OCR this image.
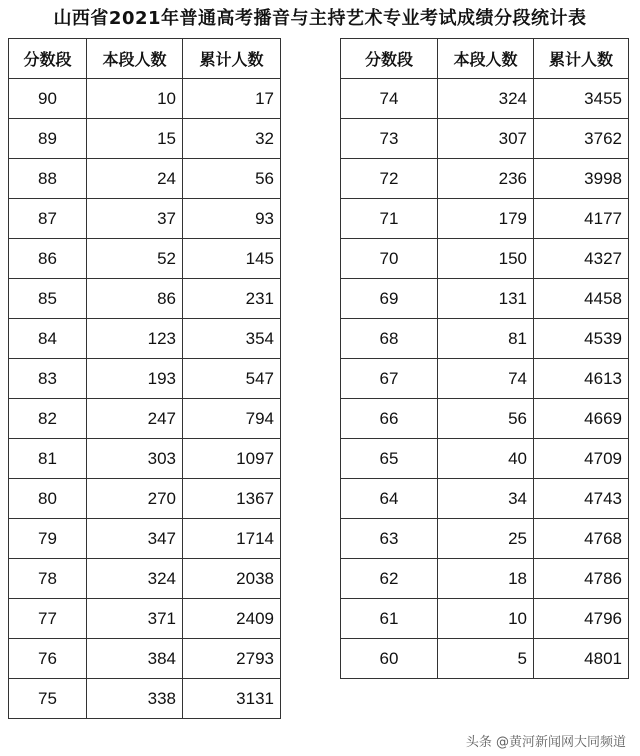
山西省2021年普通高考播音与主持艺术专业考试成绩分段统计表
分数段	本段人数	累计人数
90	10	17
89	15	32
88	24	56
87	37	93
86	52	145
85	86	231
84	123	354
83	193	547
82	247	794
81	303	1097
80	270	1367
79	347	1714
78	324	2038
77	371	2409
76	384	2793
75	338	3131
分数段	本段人数	累计人数
74	324	3455
73	307	3762
72	236	3998
71	179	4177
70	150	4327
69	131	4458
68	81	4539
67	74	4613
66	56	4669
65	40	4709
64	34	4743
63	25	4768
62	18	4786
61	10	4796
60	5	4801
头条 @黄河新闻网大同频道
